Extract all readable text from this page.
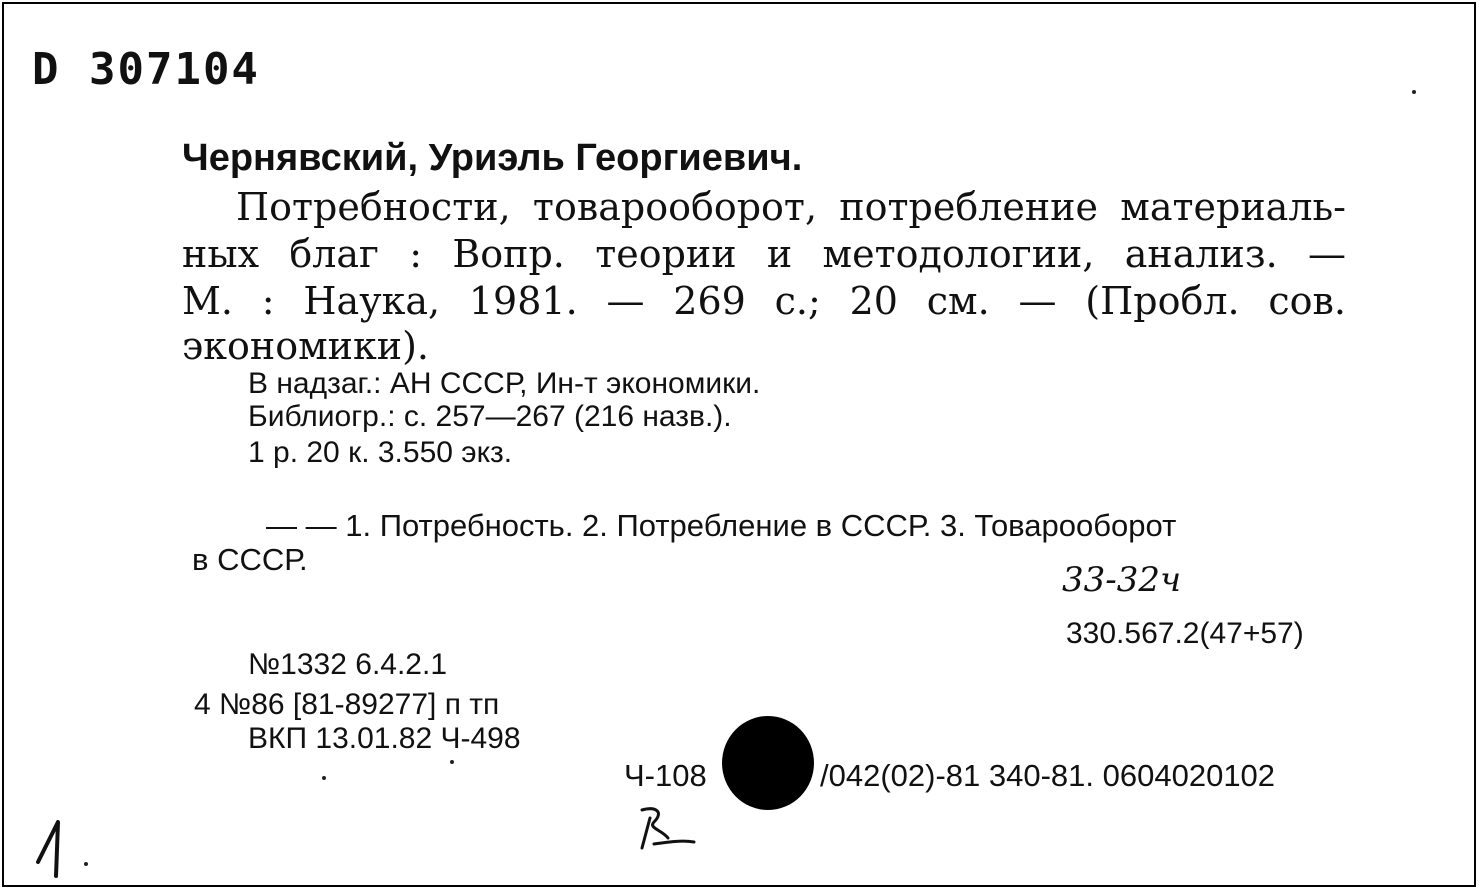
D 307104
Чернявский, Уриэль Георгиевич.
Потребности, товарооборот, потребление материаль-
ных благ : Вопр. теории и методологии, анализ. —
М. : Наука, 1981. — 269 с.; 20 см. — (Пробл. сов.
экономики).
В надзаг.: АН СССР, Ин-т экономики.
Библиогр.: с. 257—267 (216 назв.).
1 р. 20 к. 3.550 экз.
— — 1. Потребность. 2. Потребление в СССР. 3. Товарооборот
в СССР.
33-32ч
330.567.2(47+57)
№1332 6.4.2.1
4 №86 [81-89277] п тп
ВКП 13.01.82 Ч-498
Ч-108	/042(02)-81 340-81. 0604020102
